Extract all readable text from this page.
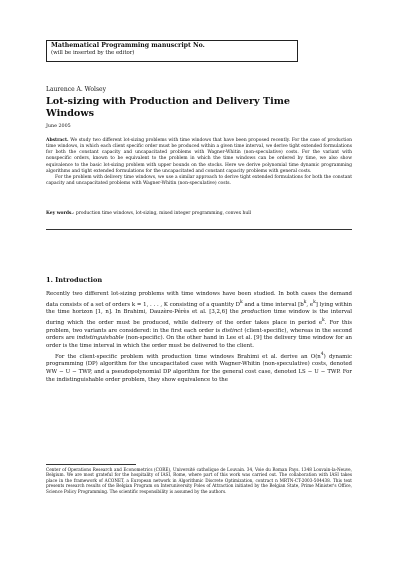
Mathematical Programming manuscript No.
(will be inserted by the editor)
Laurence A. Wolsey
Lot-sizing with Production and Delivery Time Windows
June 2005

Abstract. We study two different lot-sizing problems with time windows that have been proposed recently. For the case of production time windows, in which each client specific order must be produced within a given time interval, we derive tight extended formulations for both the constant capacity and uncapacitated problems with Wagner-Whitin (non-speculative) costs. For the variant with nonspecific orders, known to be equivalent to the problem in which the time windows can be ordered by time, we also show equivalence to the basic lot-sizing problem with upper bounds on the stocks. Here we derive polynomial time dynamic programming algorithms and tight extended formulations for the uncapacitated and constant capacity problems with general costs.

For the problem with delivery time windows, we use a similar approach to derive tight extended formulations for both the constant capacity and uncapacitated problems with Wagner-Whitin (non-speculative) costs.

Key words.: production time windows, lot-sizing, mixed integer programming, convex hull
1. Introduction

Recently two different lot-sizing problems with time windows have been studied. In both cases the demand data consists of a set of orders k = 1, . . . , K consisting of a quantity $D^k$ and a time interval [$b^k$, $e^k$] lying within the time horizon [1, n]. In Brahimi, Dauzère-Pérès et al. [3,2,6] the production time window is the interval during which the order must be produced, while delivery of the order takes place in period $e^k$. For this problem, two variants are considered: in the first each order is distinct (client-specific), whereas in the second orders are indistinguishable (non-specific). On the other hand in Lee et al. [9] the delivery time window for an order is the time interval in which the order must be delivered to the client.

For the client-specific problem with production time windows Brahimi et al. derive an $O(n^4)$ dynamic programming (DP) algorithm for the uncapacitated case with Wagner-Whitin (non-speculative) costs, denoted WW − U − TWP, and a pseudopolynomial DP algorithm for the general cost case, denoted LS − U − TWP. For the indistinguishable order problem, they show equivalence to the

Center of Operations Research and Econometrics (CORE), Université catholique de Louvain. 34, Voie du Roman Pays. 1348 Louvain-la-Neuve, Belgium. We are most grateful for the hospitality of IASI, Rome, where part of this work was carried out. The collaboration with IASI takes place in the framework of ACONET, a European network in Algorithmic Discrete Optimization, contract n MRTN-CT-2003-504438. This text presents research results of the Belgian Program on Interuniversity Poles of Attraction initiated by the Belgian State, Prime Minister's Office, Science Policy Programming. The scientific responsibility is assumed by the authors.
